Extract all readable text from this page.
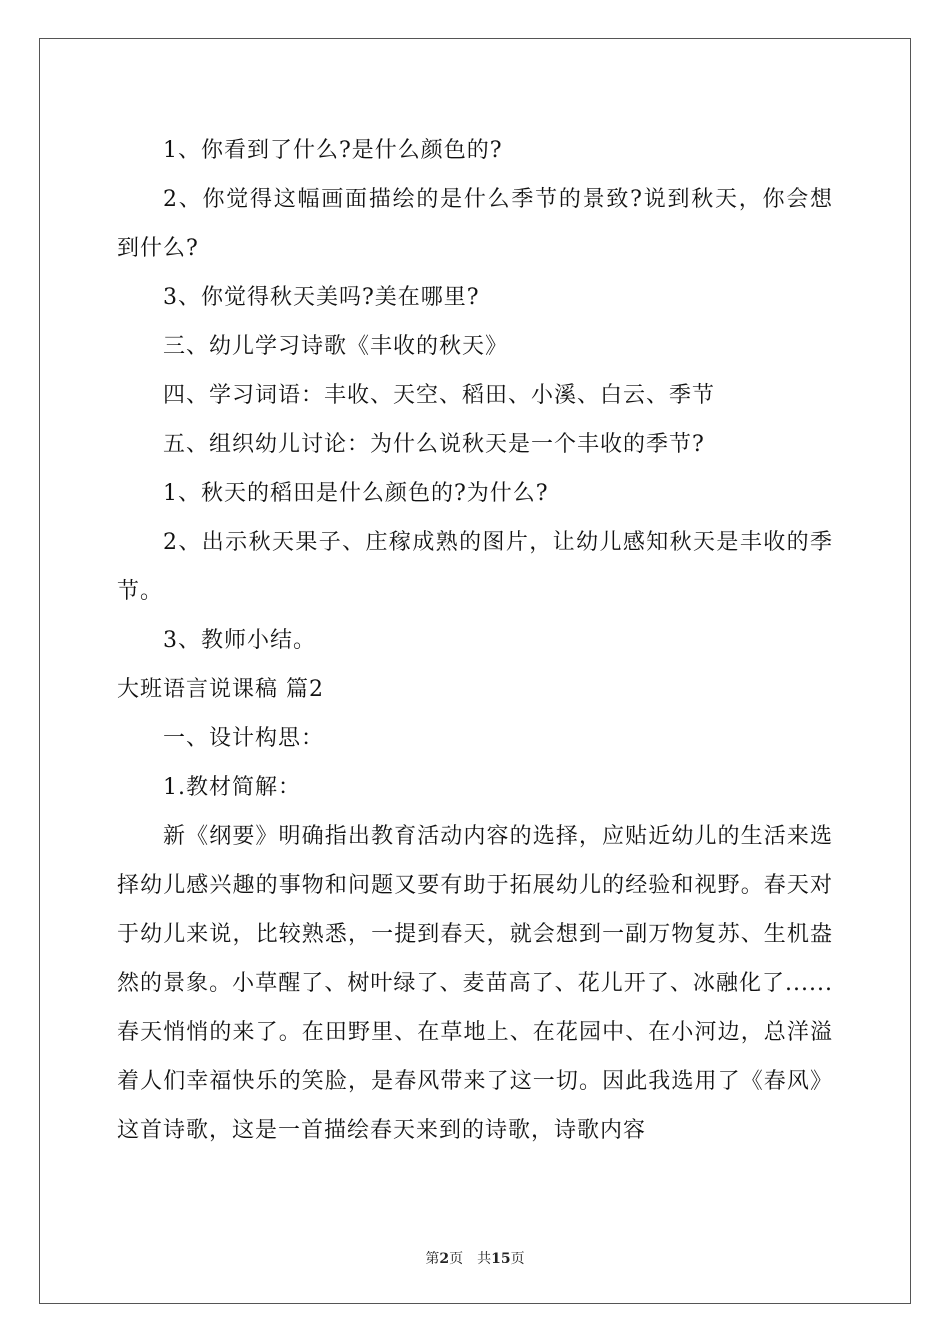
1、你看到了什么?是什么颜色的?

2、你觉得这幅画面描绘的是什么季节的景致?说到秋天，你会想到什么?

3、你觉得秋天美吗?美在哪里?

三、幼儿学习诗歌《丰收的秋天》

四、学习词语：丰收、天空、稻田、小溪、白云、季节

五、组织幼儿讨论：为什么说秋天是一个丰收的季节?

1、秋天的稻田是什么颜色的?为什么?

2、出示秋天果子、庄稼成熟的图片，让幼儿感知秋天是丰收的季节。

3、教师小结。

大班语言说课稿 篇2

一、设计构思：

1.教材简解：

新《纲要》明确指出教育活动内容的选择，应贴近幼儿的生活来选择幼儿感兴趣的事物和问题又要有助于拓展幼儿的经验和视野。春天对于幼儿来说，比较熟悉，一提到春天，就会想到一副万物复苏、生机盎然的景象。小草醒了、树叶绿了、麦苗高了、花儿开了、冰融化了......春天悄悄的来了。在田野里、在草地上、在花园中、在小河边，总洋溢着人们幸福快乐的笑脸，是春风带来了这一切。因此我选用了《春风》这首诗歌，这是一首描绘春天来到的诗歌，诗歌内容

第2页 共15页
